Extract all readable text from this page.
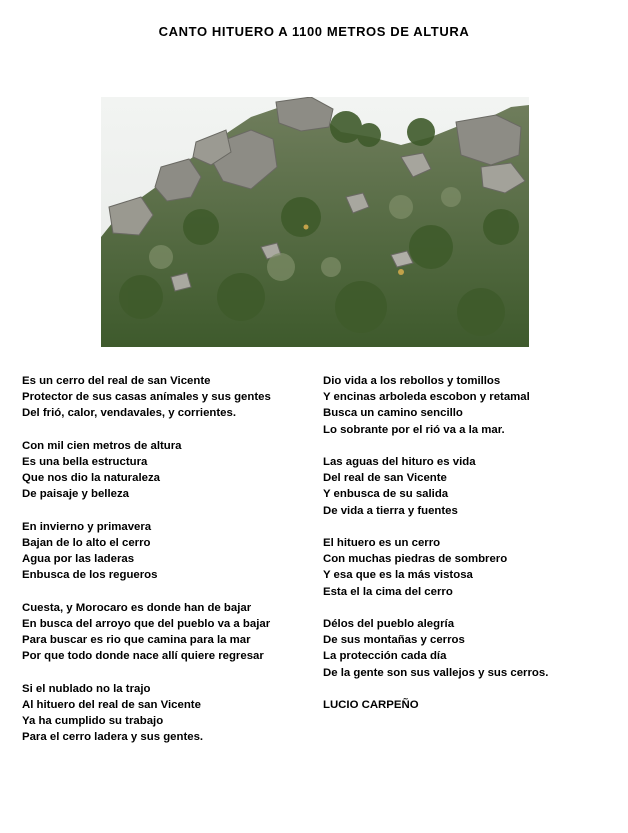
CANTO HITUERO A 1100 METROS DE ALTURA
Es un cerro del real de san Vicente
Protector de sus casas anímales y sus gentes
Del frió, calor, vendavales, y corrientes.
Con mil cien metros de altura
Es una bella estructura
Que nos dio la naturaleza
De paisaje y belleza
En invierno y primavera
Bajan de lo alto el cerro
Agua por las laderas
Enbusca de los regueros
Cuesta, y Morocaro es donde han de bajar
En busca del arroyo que del pueblo va a bajar
Para buscar es rio que camina para la mar
Por que todo donde nace allí quiere regresar
Si el nublado no la trajo
Al hituero del real de san Vicente
Ya ha cumplido su trabajo
Para el cerro ladera y sus gentes.
Dio vida a los rebollos y tomillos
Y encinas arboleda escobon y retamal
Busca un camino sencillo
Lo sobrante por el rió va a la mar.
Las aguas del hituro es vida
Del real de san Vicente
Y enbusca de su salida
De vida a tierra y fuentes
El hituero es un cerro
Con muchas piedras de sombrero
Y esa que es la más vistosa
Esta el la cima del cerro
Délos del pueblo alegría
De sus montañas y cerros
La protección cada día
De la gente son sus vallejos y sus cerros.
LUCIO CARPEÑO
